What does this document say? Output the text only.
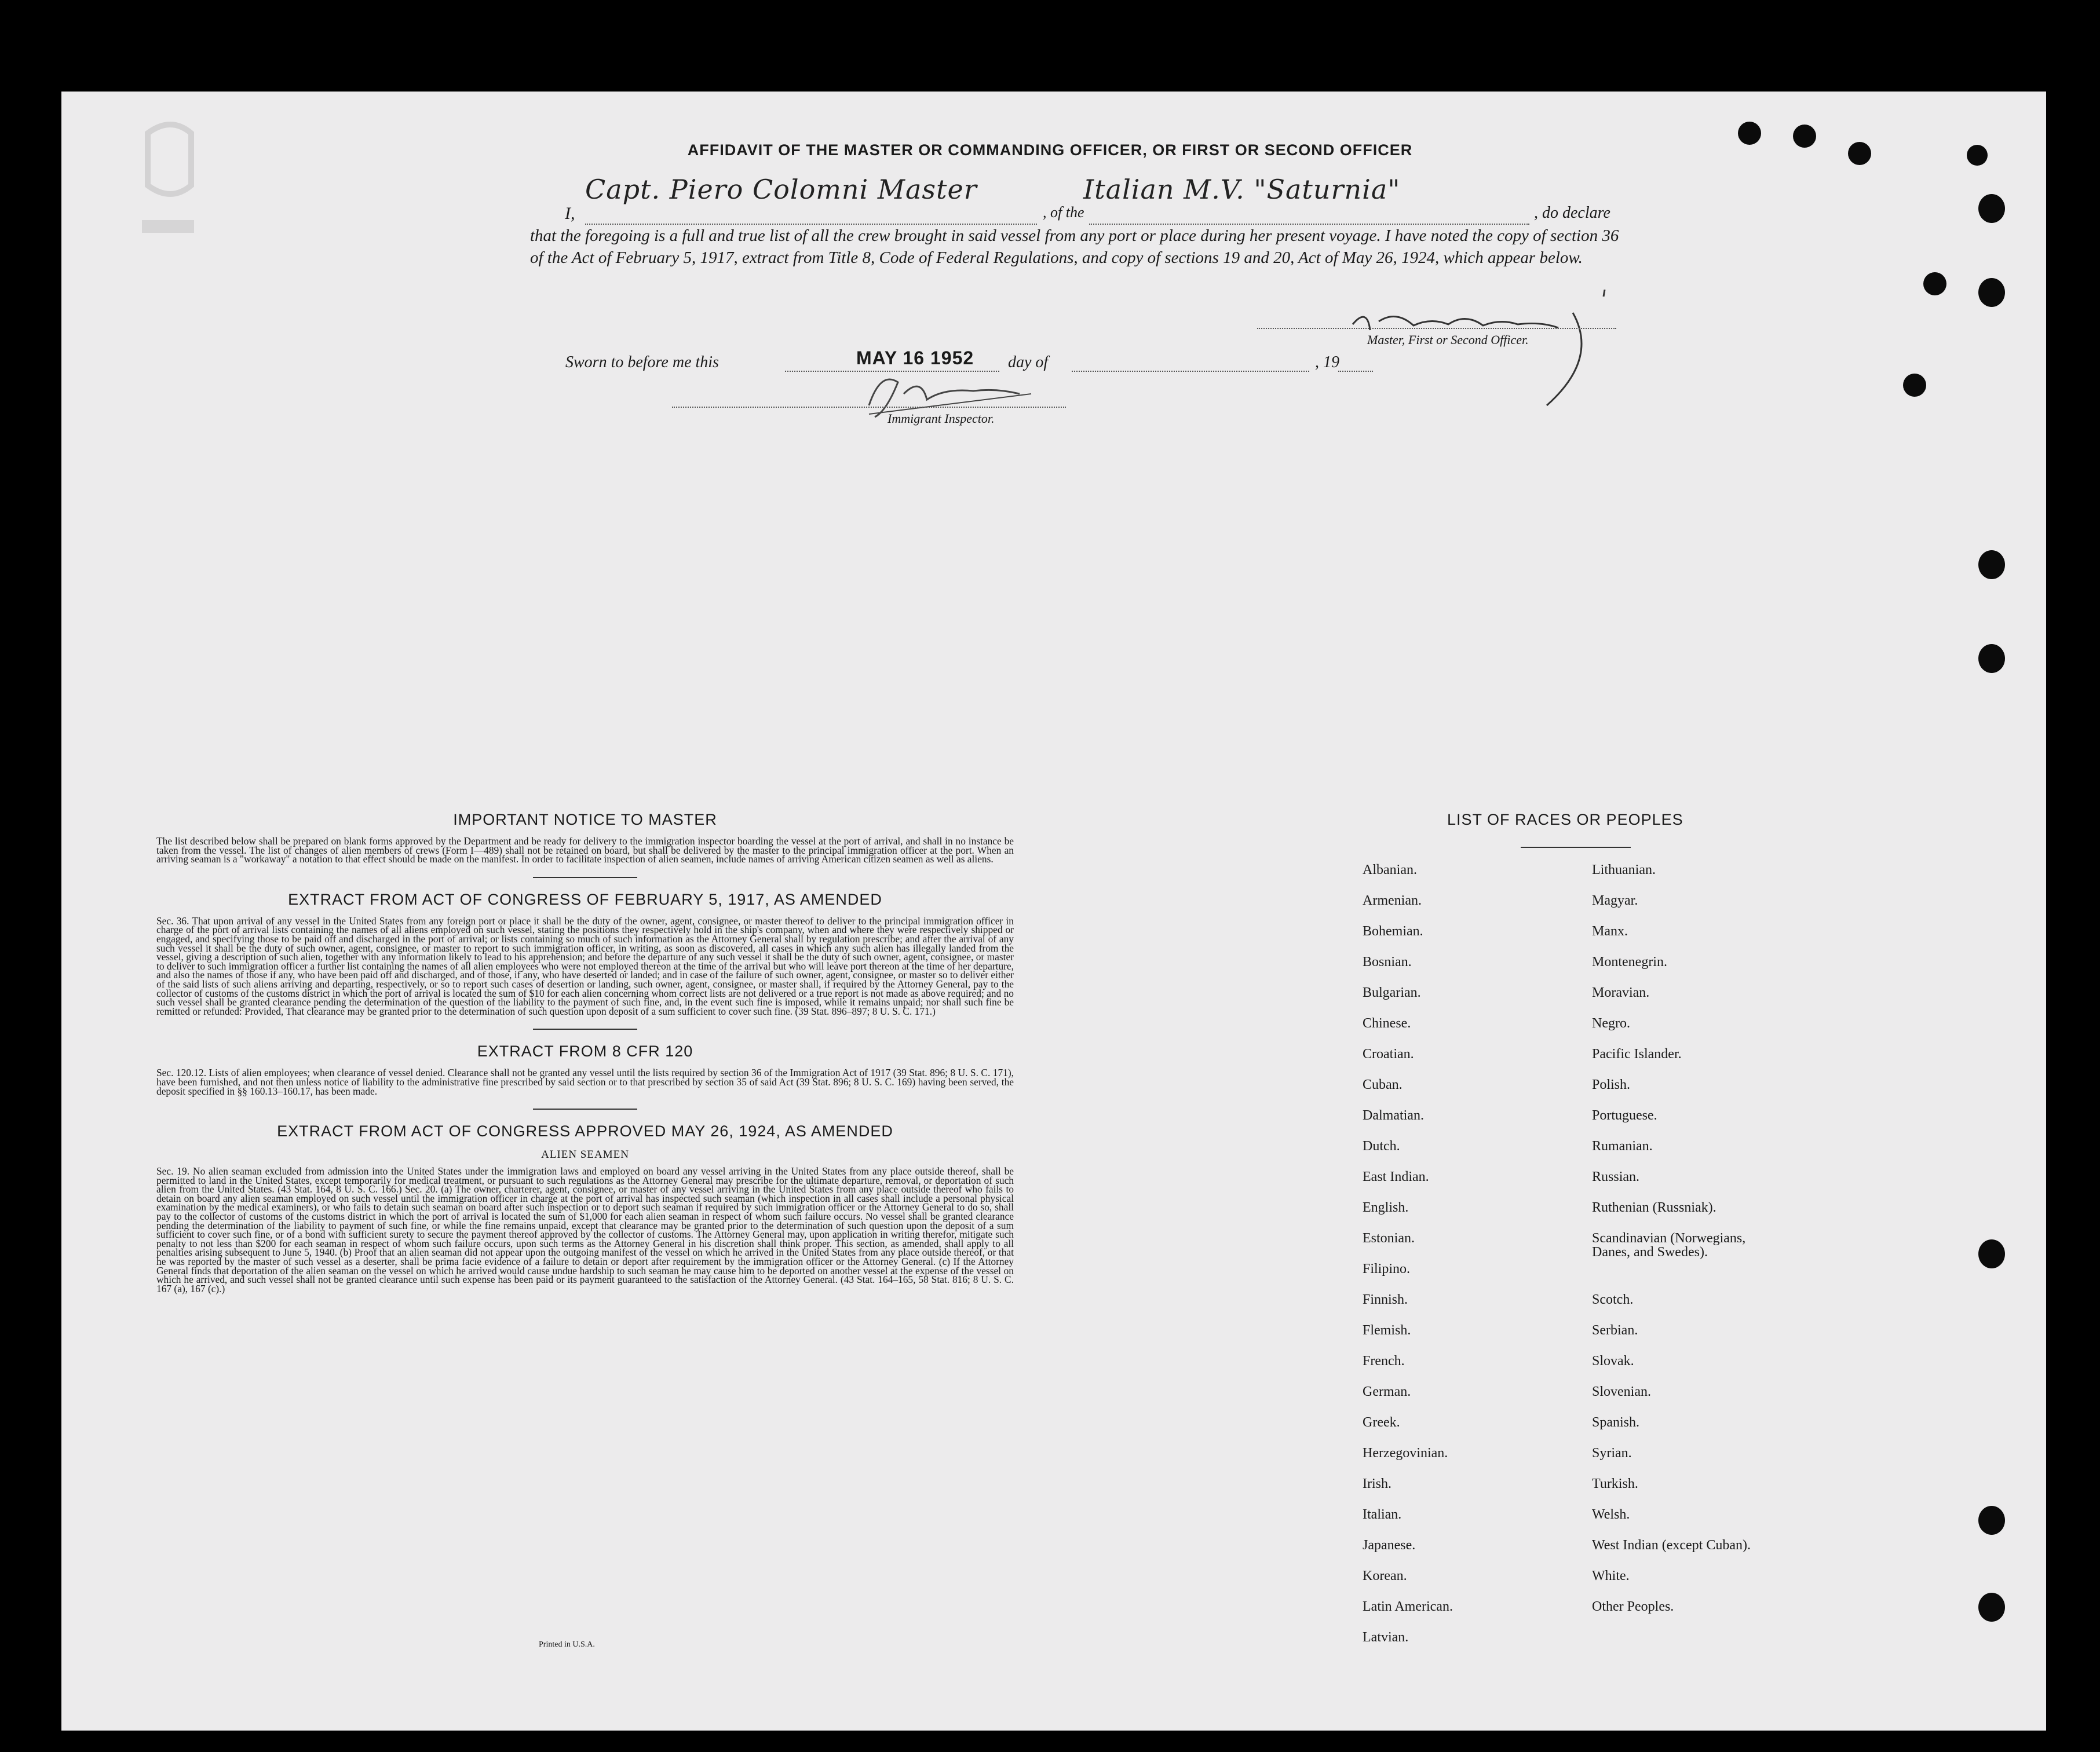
AFFIDAVIT OF THE MASTER OR COMMANDING OFFICER, OR FIRST OR SECOND OFFICER
I,
Capt. Piero Colomni Master
, of the
Italian M.V. "Saturnia"
, do declare
that the foregoing is a full and true list of all the crew brought in said vessel from any port or place during her present voyage. I have noted the copy of section 36 of the Act of February 5, 1917, extract from Title 8, Code of Federal Regulations, and copy of sections 19 and 20, Act of May 26, 1924, which appear below.
Master, First or Second Officer.
Sworn to before me this	MAY 16 1952 day of	, 19
Immigrant Inspector.
IMPORTANT NOTICE TO MASTER

The list described below shall be prepared on blank forms approved by the Department and be ready for delivery to the immigration inspector boarding the vessel at the port of arrival, and shall in no instance be taken from the vessel. The list of changes of alien members of crews (Form I—489) shall not be retained on board, but shall be delivered by the master to the principal immigration officer at the port. When an arriving seaman is a "workaway" a notation to that effect should be made on the manifest. In order to facilitate inspection of alien seamen, include names of arriving American citizen seamen as well as aliens.

EXTRACT FROM ACT OF CONGRESS OF FEBRUARY 5, 1917, AS AMENDED

Sec. 36. That upon arrival of any vessel in the United States from any foreign port or place it shall be the duty of the owner, agent, consignee, or master thereof to deliver to the principal immigration officer in charge of the port of arrival lists containing the names of all aliens employed on such vessel, stating the positions they respectively hold in the ship's company, when and where they were respectively shipped or engaged, and specifying those to be paid off and discharged in the port of arrival; or lists containing so much of such information as the Attorney General shall by regulation prescribe; and after the arrival of any such vessel it shall be the duty of such owner, agent, consignee, or master to report to such immigration officer, in writing, as soon as discovered, all cases in which any such alien has illegally landed from the vessel, giving a description of such alien, together with any information likely to lead to his apprehension; and before the departure of any such vessel it shall be the duty of such owner, agent, consignee, or master to deliver to such immigration officer a further list containing the names of all alien employees who were not employed thereon at the time of the arrival but who will leave port thereon at the time of her departure, and also the names of those if any, who have been paid off and discharged, and of those, if any, who have deserted or landed; and in case of the failure of such owner, agent, consignee, or master so to deliver either of the said lists of such aliens arriving and departing, respectively, or so to report such cases of desertion or landing, such owner, agent, consignee, or master shall, if required by the Attorney General, pay to the collector of customs of the customs district in which the port of arrival is located the sum of $10 for each alien concerning whom correct lists are not delivered or a true report is not made as above required; and no such vessel shall be granted clearance pending the determination of the question of the liability to the payment of such fine, and, in the event such fine is imposed, while it remains unpaid; nor shall such fine be remitted or refunded: Provided, That clearance may be granted prior to the determination of such question upon deposit of a sum sufficient to cover such fine. (39 Stat. 896–897; 8 U. S. C. 171.)

EXTRACT FROM 8 CFR 120

Sec. 120.12. Lists of alien employees; when clearance of vessel denied. Clearance shall not be granted any vessel until the lists required by section 36 of the Immigration Act of 1917 (39 Stat. 896; 8 U. S. C. 171), have been furnished, and not then unless notice of liability to the administrative fine prescribed by said section or to that prescribed by section 35 of said Act (39 Stat. 896; 8 U. S. C. 169) having been served, the deposit specified in §§ 160.13–160.17, has been made.

EXTRACT FROM ACT OF CONGRESS APPROVED MAY 26, 1924, AS AMENDED
ALIEN SEAMEN

Sec. 19. No alien seaman excluded from admission into the United States under the immigration laws and employed on board any vessel arriving in the United States from any place outside thereof, shall be permitted to land in the United States, except temporarily for medical treatment, or pursuant to such regulations as the Attorney General may prescribe for the ultimate departure, removal, or deportation of such alien from the United States. (43 Stat. 164, 8 U. S. C. 166.) Sec. 20. (a) The owner, charterer, agent, consignee, or master of any vessel arriving in the United States from any place outside thereof who fails to detain on board any alien seaman employed on such vessel until the immigration officer in charge at the port of arrival has inspected such seaman (which inspection in all cases shall include a personal physical examination by the medical examiners), or who fails to detain such seaman on board after such inspection or to deport such seaman if required by such immigration officer or the Attorney General to do so, shall pay to the collector of customs of the customs district in which the port of arrival is located the sum of $1,000 for each alien seaman in respect of whom such failure occurs. No vessel shall be granted clearance pending the determination of the liability to payment of such fine, or while the fine remains unpaid, except that clearance may be granted prior to the determination of such question upon the deposit of a sum sufficient to cover such fine, or of a bond with sufficient surety to secure the payment thereof approved by the collector of customs. The Attorney General may, upon application in writing therefor, mitigate such penalty to not less than $200 for each seaman in respect of whom such failure occurs, upon such terms as the Attorney General in his discretion shall think proper. This section, as amended, shall apply to all penalties arising subsequent to June 5, 1940. (b) Proof that an alien seaman did not appear upon the outgoing manifest of the vessel on which he arrived in the United States from any place outside thereof, or that he was reported by the master of such vessel as a deserter, shall be prima facie evidence of a failure to detain or deport after requirement by the immigration officer or the Attorney General. (c) If the Attorney General finds that deportation of the alien seaman on the vessel on which he arrived would cause undue hardship to such seaman he may cause him to be deported on another vessel at the expense of the vessel on which he arrived, and such vessel shall not be granted clearance until such expense has been paid or its payment guaranteed to the satisfaction of the Attorney General. (43 Stat. 164–165, 58 Stat. 816; 8 U. S. C. 167 (a), 167 (c).)

Printed in U.S.A.
LIST OF RACES OR PEOPLES
Albanian.
Armenian.
Bohemian.
Bosnian.
Bulgarian.
Chinese.
Croatian.
Cuban.
Dalmatian.
Dutch.
East Indian.
English.
Estonian.
Filipino.
Finnish.
Flemish.
French.
German.
Greek.
Herzegovinian.
Irish.
Italian.
Japanese.
Korean.
Latin American.
Latvian.
Lithuanian.
Magyar.
Manx.
Montenegrin.
Moravian.
Negro.
Pacific Islander.
Polish.
Portuguese.
Rumanian.
Russian.
Ruthenian (Russniak).
Scandinavian (Norwegians,
Danes, and Swedes).
Scotch.
Serbian.
Slovak.
Slovenian.
Spanish.
Syrian.
Turkish.
Welsh.
West Indian (except Cuban).
White.
Other Peoples.
